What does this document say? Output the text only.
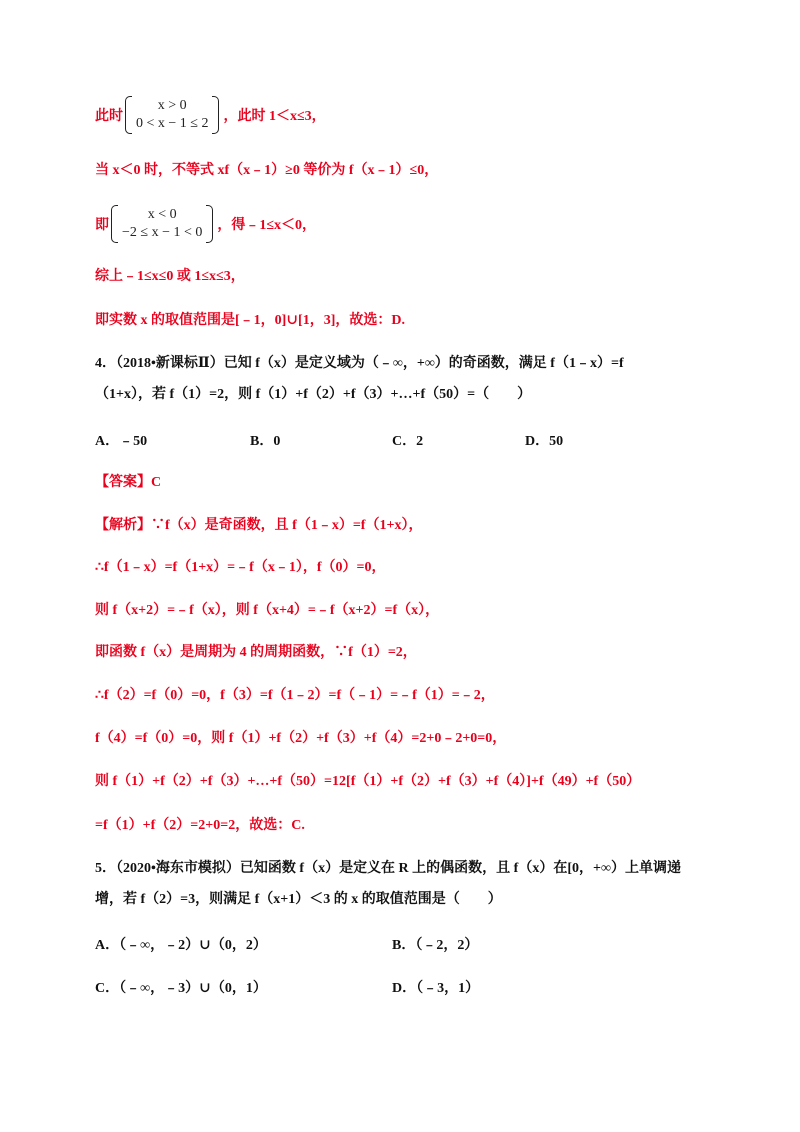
此时
x > 0
0 < x − 1 ≤ 2 ，此时 1＜x≤3，
当 x＜0 时，不等式 xf（x﹣1）≥0 等价为 f（x﹣1）≤0，
即
x < 0
−2 ≤ x − 1 < 0 ，得﹣1≤x＜0，
综上﹣1≤x≤0 或 1≤x≤3，
即实数 x 的取值范围是[﹣1，0]∪[1，3]，故选：D.
4．（2018•新课标Ⅱ）已知 f（x）是定义域为（﹣∞，+∞）的奇函数，满足 f（1﹣x）=f
（1+x），若 f（1）=2，则 f（1）+f（2）+f（3）+…+f（50）=（　　）
A．﹣50	B．0	C．2	D．50
【答案】C
【解析】∵f（x）是奇函数，且 f（1﹣x）=f（1+x），
∴f（1﹣x）=f（1+x）=﹣f（x﹣1），f（0）=0，
则 f（x+2）=﹣f（x），则 f（x+4）=﹣f（x+2）=f（x），
即函数 f（x）是周期为 4 的周期函数，∵f（1）=2，
∴f（2）=f（0）=0，f（3）=f（1﹣2）=f（﹣1）=﹣f（1）=﹣2，
f（4）=f（0）=0，则 f（1）+f（2）+f（3）+f（4）=2+0﹣2+0=0，
则 f（1）+f（2）+f（3）+…+f（50）=12[f（1）+f（2）+f（3）+f（4）]+f（49）+f（50）
=f（1）+f（2）=2+0=2，故选：C.
5．（2020•海东市模拟）已知函数 f（x）是定义在 R 上的偶函数，且 f（x）在[0，+∞）上单调递
增，若 f（2）=3，则满足 f（x+1）＜3 的 x 的取值范围是（　　）
A．（﹣∞，﹣2）∪（0，2）	B．（﹣2，2）
C．（﹣∞，﹣3）∪（0，1）	D．（﹣3，1）
